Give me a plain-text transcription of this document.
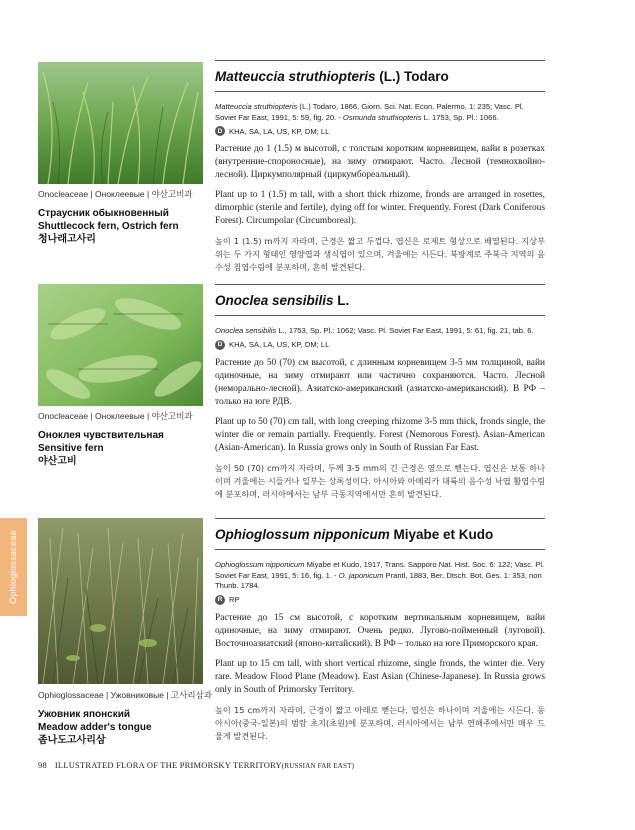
Onocleaceae | Оноклеевые | 야산고비과
Страусник обыкновенный
Shuttlecock fern, Ostrich fern
청나래고사리
Onocleaceae | Оноклеевые | 야산고비과
Оноклея чувствительная
Sensitive fern
야산고비
Ophioglossaceae | Ужовниковые | 고사리삼과
Ужовник японский
Meadow adder's tongue
좀나도고사리삼
Ophioglossaceae
Matteuccia struthiopteris (L.) Todaro
Matteuccia struthiopteris (L.) Todaro, 1866, Giorn. Sci. Nat. Econ. Palermo, 1: 235; Vasc. Pl. Soviet Far East, 1991, 5: 59, fig. 20. - Osmunda struthiopteris L. 1753, Sp. Pl.: 1066.
D KHA, SA, LA, US, KP, DM; LL
Растение до 1 (1.5) м высотой, с толстым коротким корневищем, вайи в розетках (внутренние-спороносные), на зиму отмирают. Часто. Лесной (темнохвойно-лесной). Циркумполярный (циркумбореальный).
Plant up to 1 (1.5) m tall, with a short thick rhizome, fronds are arranged in rosettes, dimorphic (sterile and fertile), dying off for winter. Frequently. Forest (Dark Coniferous Forest). Circumpolar (Circumboreal).
높이 1 (1.5) m까지 자라며, 근경은 짧고 두껍다. 엽신은 로제트 형상으로 배열된다. 지상부위는 두 가지 형태인 영양엽과 생식엽이 있으며, 겨울에는 시든다. 북방계로 주북극 지역의 음수성 침엽수림에 분포하며, 흔히 발견된다.
Onoclea sensibilis L.
Onoclea sensibilis L., 1753, Sp. Pl.: 1062; Vasc. Pl. Soviet Far East, 1991, 5: 61, fig. 21, tab. 6.
D KHA, SA, LA, US, KP, DM; LL
Растение до 50 (70) см высотой, с длинным корневищем 3-5 мм толщиной, вайи одиночные, на зиму отмирают или частично сохраняются. Часто. Лесной (неморально-лесной). Азиатско-американский (азиатско-американский). В РФ – только на юге РДВ.
Plant up to 50 (70) cm tall, with long creeping rhizome 3-5 mm thick, fronds single, the winter die or remain partially. Frequently. Forest (Nemorous Forest). Asian-American (Asian-American). In Russia grows only in South of Russian Far East.
높이 50 (70) cm까지 자라며, 두께 3-5 mm의 긴 근경은 옆으로 뻗는다. 엽신은 보통 하나이며 겨울에는 시들거나 일부는 상록성이다. 아시아와 아메리카 대륙의 음수성 낙엽 활엽수림에 분포하며, 러시아에서는 남부 극동지역에서만 흔히 발견된다.
Ophioglossum nipponicum Miyabe et Kudo
Ophioglossum nipponicum Miyabe et Kudo, 1917, Trans. Sapporo Nat. Hist. Soc. 6: 122; Vasc. Pl. Soviet Far East, 1991, 5: 16, fig. 1. - O. japonicum Prantl, 1883, Ber. Dtsch. Bot. Ges. 1: 353, non Thunb. 1784.
R RP
Растение до 15 см высотой, с коротким вертикальным корневищем, вайи одиночные, на зиму отмирают. Очень редко. Лугово-пойменный (луговой). Восточноазиатский (японо-китайский). В РФ – только на юге Приморского края.
Plant up to 15 cm tall, with short vertical rhizome, single fronds, the winter die. Very rare. Meadow Flood Plane (Meadow). East Asian (Chinese-Japanese). In Russia grows only in South of Primorsky Territory.
높이 15 cm까지 자라며, 근경이 짧고 아래로 뻗는다. 엽신은 하나이며 겨울에는 시든다. 동아시아(중국-일본)의 범람 초지(초원)에 분포하며, 러시아에서는 남부 연해주에서만 매우 드물게 발견된다.
98 ILLUSTRATED FLORA OF THE PRIMORSKY TERRITORY(RUSSIAN FAR EAST)
